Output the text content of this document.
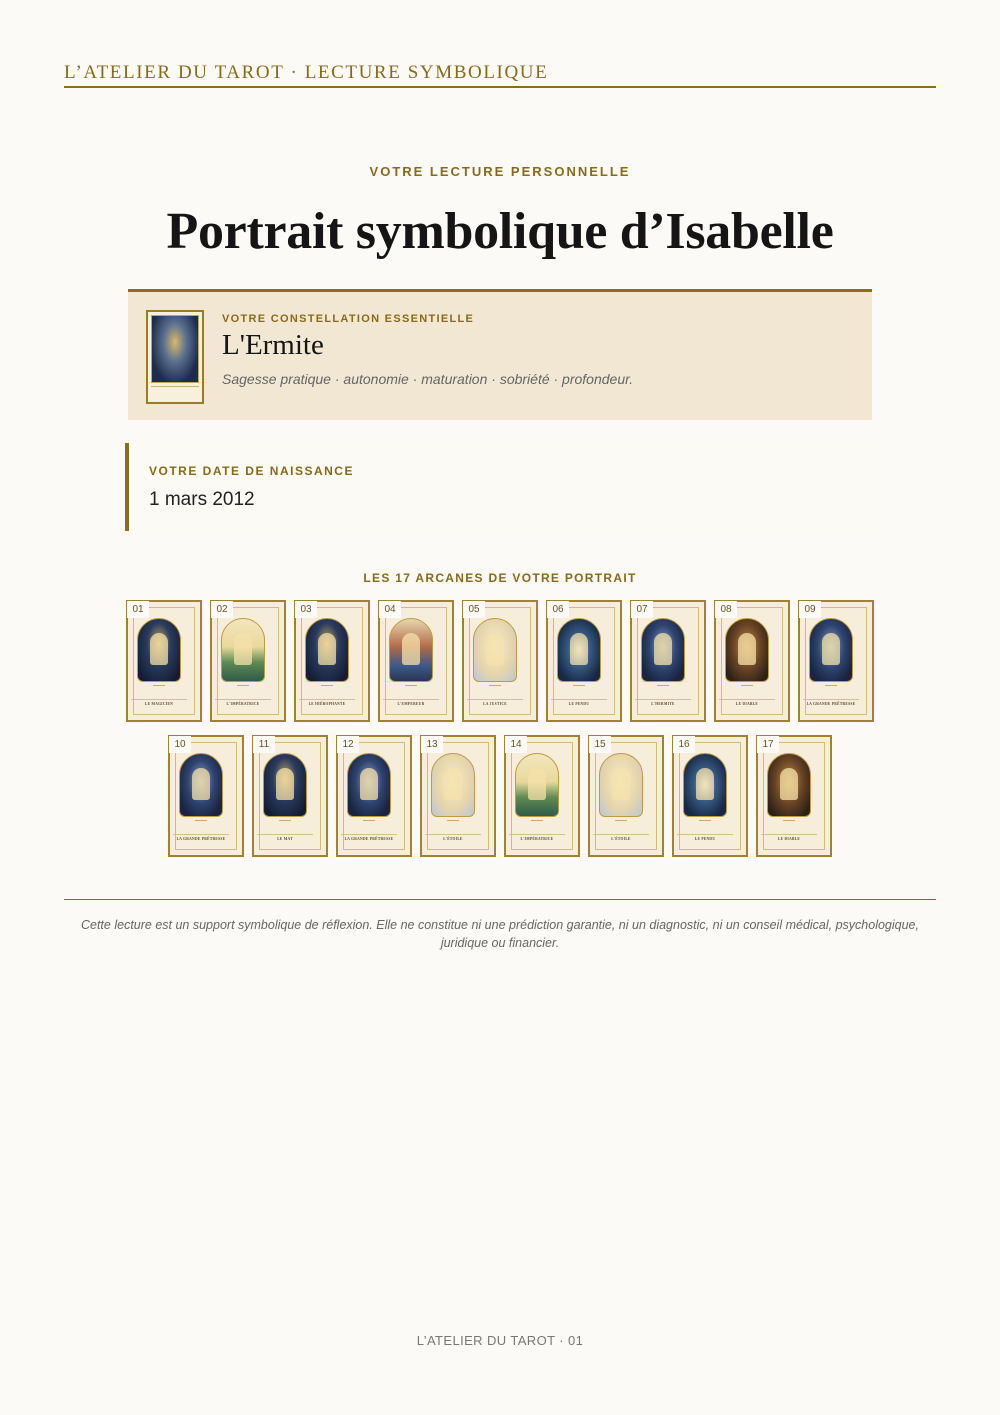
L’ATELIER DU TAROT · LECTURE SYMBOLIQUE
VOTRE LECTURE PERSONNELLE
Portrait symbolique d’Isabelle
VOTRE CONSTELLATION ESSENTIELLE
L'Ermite
Sagesse pratique · autonomie · maturation · sobriété · profondeur.
VOTRE DATE DE NAISSANCE
1 mars 2012
LES 17 ARCANES DE VOTRE PORTRAIT
LE MAGICIEN
01
L'IMPÉRATRICE
02
LE HIÉROPHANTE
03
L'EMPEREUR
04
LA JUSTICE
05
LE PENDU
06
L'HERMITE
07
LE DIABLE
08
LA GRANDE PRÊTRESSE
09
LA GRANDE PRÊTRESSE
10
LE MAT
11
LA GRANDE PRÊTRESSE
12
L'ÉTOILE
13
L'IMPÉRATRICE
14
L'ÉTOILE
15
LE PENDU
16
LE DIABLE
17

Cette lecture est un support symbolique de réflexion. Elle ne constitue ni une prédiction garantie, ni un diagnostic, ni un conseil médical, psychologique, juridique ou financier.

L’ATELIER DU TAROT · 01
